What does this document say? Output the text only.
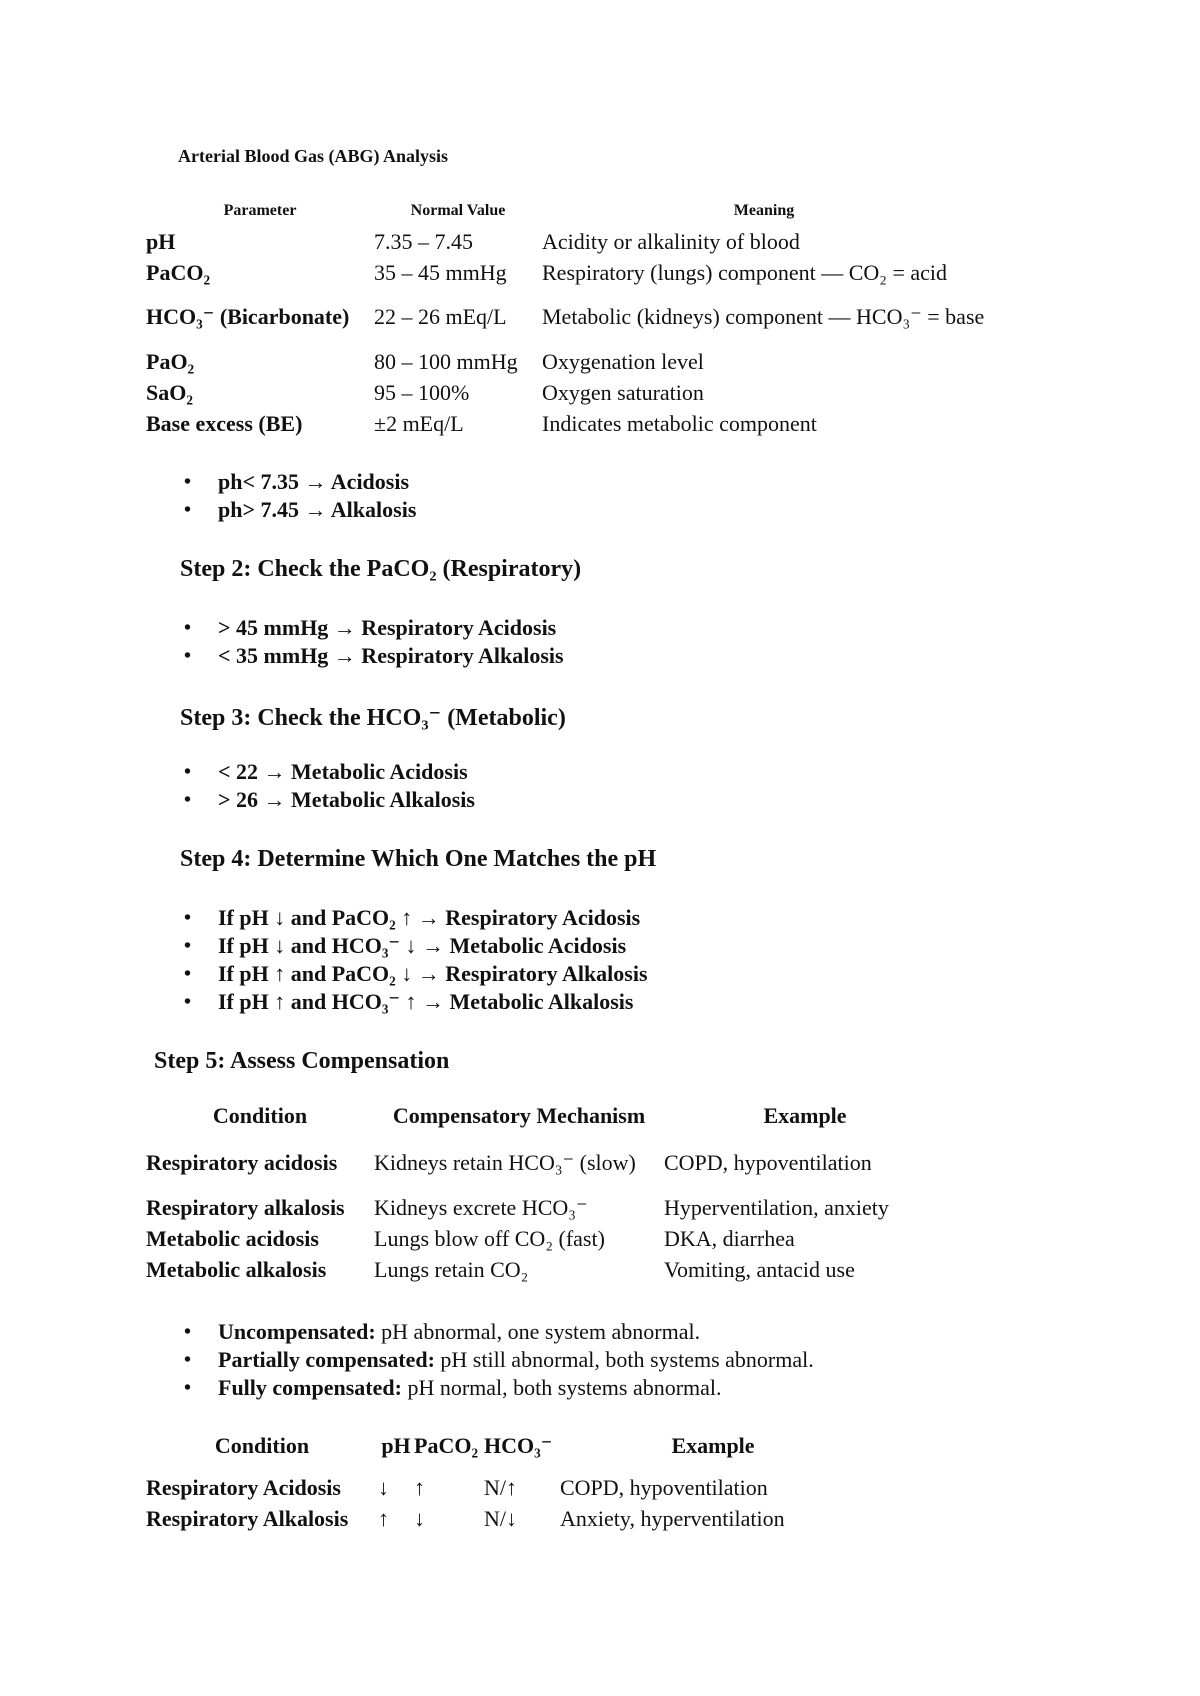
Arterial Blood Gas (ABG) Analysis
Parameter	Normal Value	Meaning
pH	7.35 – 7.45	Acidity or alkalinity of blood
PaCO₂	35 – 45 mmHg	Respiratory (lungs) component — CO₂ = acid
HCO₃⁻ (Bicarbonate)	22 – 26 mEq/L	Metabolic (kidneys) component — HCO₃⁻ = base
PaO₂	80 – 100 mmHg	Oxygenation level
SaO₂	95 – 100%	Oxygen saturation
Base excess (BE)	±2 mEq/L	Indicates metabolic component
• ph< 7.35 → Acidosis
• ph> 7.45 → Alkalosis
Step 2: Check the PaCO₂ (Respiratory)
• > 45 mmHg → Respiratory Acidosis
• < 35 mmHg → Respiratory Alkalosis
Step 3: Check the HCO₃⁻ (Metabolic)
• < 22 → Metabolic Acidosis
• > 26 → Metabolic Alkalosis
Step 4: Determine Which One Matches the pH
• If pH ↓ and PaCO₂ ↑ → Respiratory Acidosis
• If pH ↓ and HCO₃⁻ ↓ → Metabolic Acidosis
• If pH ↑ and PaCO₂ ↓ → Respiratory Alkalosis
• If pH ↑ and HCO₃⁻ ↑ → Metabolic Alkalosis
Step 5: Assess Compensation
Condition	Compensatory Mechanism	Example
Respiratory acidosis	Kidneys retain HCO₃⁻ (slow)	COPD, hypoventilation
Respiratory alkalosis	Kidneys excrete HCO₃⁻	Hyperventilation, anxiety
Metabolic acidosis	Lungs blow off CO₂ (fast)	DKA, diarrhea
Metabolic alkalosis	Lungs retain CO₂	Vomiting, antacid use
• Uncompensated: pH abnormal, one system abnormal.
• Partially compensated: pH still abnormal, both systems abnormal.
• Fully compensated: pH normal, both systems abnormal.
Condition	pH	PaCO₂	HCO₃⁻	Example
Respiratory Acidosis	↓	↑	N/↑	COPD, hypoventilation
Respiratory Alkalosis	↑	↓	N/↓	Anxiety, hyperventilation
